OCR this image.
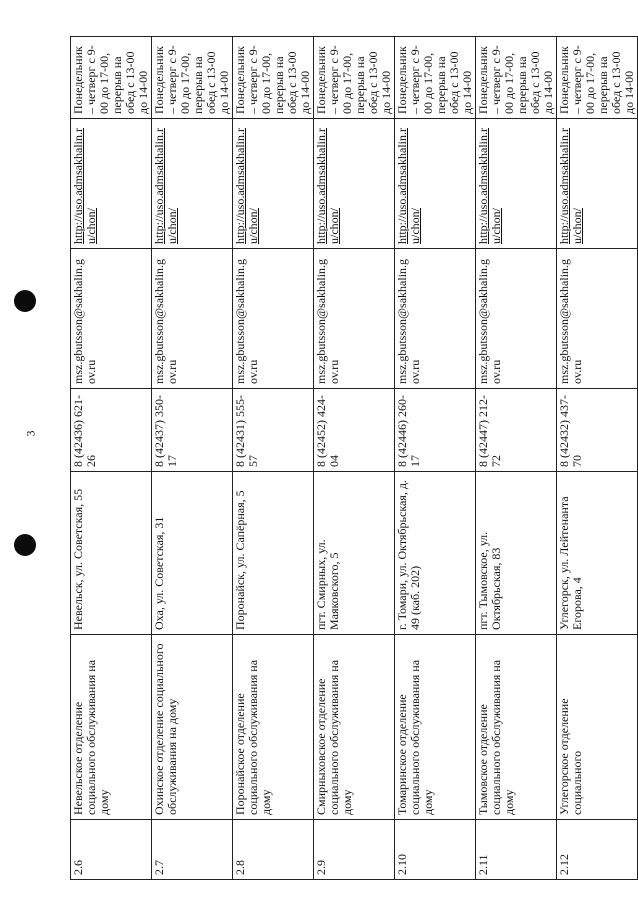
3
2.6	Невельское отделение социального обслуживания на дому	Невельск, ул. Советская, 55	8 (42436) 621-26	msz.gbutsson@sakhalin.gov.ru	http://uso.admsakhalin.ru/chon/	Понедельник – четверг с 9-00 до 17-00, перерыв на обед с 13-00 до 14-00
2.7	Охинское отделение социального обслуживания на дому	Оха, ул. Советская, 31	8 (42437) 350-17	msz.gbutsson@sakhalin.gov.ru	http://uso.admsakhalin.ru/chon/	Понедельник – четверг с 9-00 до 17-00, перерыв на обед с 13-00 до 14-00
2.8	Поронайское отделение социального обслуживания на дому	Поронайск, ул. Сапёрная, 5	8 (42431) 555-57	msz.gbutsson@sakhalin.gov.ru	http://uso.admsakhalin.ru/chon/	Понедельник – четверг с 9-00 до 17-00, перерыв на обед с 13-00 до 14-00
2.9	Смирныховское отделение социального обслуживания на дому	пгт. Смирных, ул. Маяковского, 5	8 (42452) 424-04	msz.gbutsson@sakhalin.gov.ru	http://uso.admsakhalin.ru/chon/	Понедельник – четверг с 9-00 до 17-00, перерыв на обед с 13-00 до 14-00
2.10	Томаринское отделение социального обслуживания на дому	г. Томари, ул. Октябрьская, д. 49 (каб. 202)	8 (42446) 260-17	msz.gbutsson@sakhalin.gov.ru	http://uso.admsakhalin.ru/chon/	Понедельник – четверг с 9-00 до 17-00, перерыв на обед с 13-00 до 14-00
2.11	Тымовское отделение социального обслуживания на дому	пгт. Тымовское, ул. Октябрьская, 83	8 (42447) 212-72	msz.gbutsson@sakhalin.gov.ru	http://uso.admsakhalin.ru/chon/	Понедельник – четверг с 9-00 до 17-00, перерыв на обед с 13-00 до 14-00
2.12	Углегорское отделение социального	Углегорск, ул. Лейтенанта Егорова, 4	8 (42432) 437-70	msz.gbutsson@sakhalin.gov.ru	http://uso.admsakhalin.ru/chon/	Понедельник – четверг с 9-00 до 17-00, перерыв на обед с 13-00 до 14-00
